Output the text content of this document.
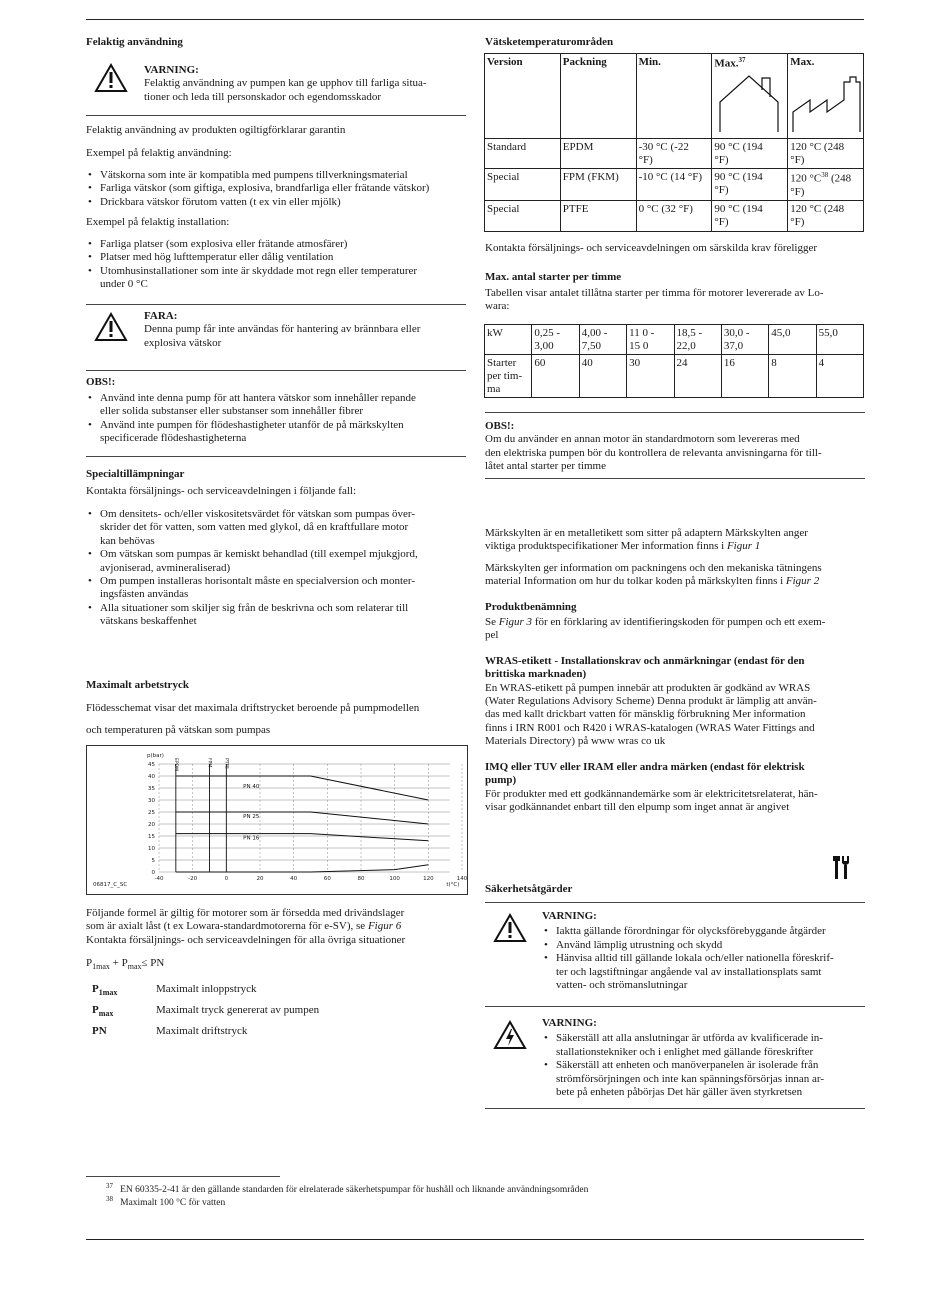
Felaktig användning
VARNING:
Felaktig användning av pumpen kan ge upphov till farliga situa-
tioner och leda till personskador och egendomsskador

Felaktig användning av produkten ogiltigförklarar garantin

Exempel på felaktig användning:

• Vätskorna som inte är kompatibla med pumpens tillverkningsmaterial
• Farliga vätskor (som giftiga, explosiva, brandfarliga eller frätande vätskor)
• Drickbara vätskor förutom vatten (t ex vin eller mjölk)

Exempel på felaktig installation:

• Farliga platser (som explosiva eller frätande atmosfärer)
• Platser med hög lufttemperatur eller dålig ventilation
• Utomhusinstallationer som inte är skyddade mot regn eller temperaturer
under 0 °C
FARA:
Denna pump får inte användas för hantering av brännbara eller
explosiva vätskor
OBS!:
• Använd inte denna pump för att hantera vätskor som innehåller repande
eller solida substanser eller substanser som innehåller fibrer
• Använd inte pumpen för flödeshastigheter utanför de på märkskylten
specificerade flödeshastigheterna
Specialtillämpningar

Kontakta försäljnings- och serviceavdelningen i följande fall:

• Om densitets- och/eller viskositetsvärdet för vätskan som pumpas över-
skrider det för vatten, som vatten med glykol, då en kraftfullare motor
kan behövas
• Om vätskan som pumpas är kemiskt behandlad (till exempel mjukgjord,
avjoniserad, avmineraliserad)
• Om pumpen installeras horisontalt måste en specialversion och monter-
ingsfästen användas
• Alla situationer som skiljer sig från de beskrivna och som relaterar till
vätskans beskaffenhet
Maximalt arbetstryck

Flödesschemat visar det maximala driftstrycket beroende på pumpmodellen

och temperaturen på vätskan som pumpas

0
5
10
15
20
25
30
35
40
45
-40	-20	0	20	40	60	80	100	120	140
p(bar)
t(°C)
06817_C_SC
EPDM	FPM	PTFE
PN 40
PN 25
PN 16

Följande formel är giltig för motorer som är försedda med drivändslager

som är axialt låst (t ex Lowara-standardmotorerna för e-SV), se Figur 6

Kontakta försäljnings- och serviceavdelningen för alla övriga situationer

$P_{1max} + P_{max}\le$ PN

$P_{1max}$	Maximalt inloppstryck
$P_{max}$	Maximalt tryck genererat av pumpen
PN	Maximalt driftstryck
Vätsketemperaturområden
Version	Packning	Min.	Max.$^{37}$	Max.

Standard	EPDM	-30 °C (-22
°F)	90 °C (194
°F)	120 °C (248
°F)
Special	FPM (FKM)	-10 °C (14 °F)	90 °C (194
°F)	120 $^\circ C^{38}$ (248
°F)
Special	PTFE	0 °C (32 °F)	90 °C (194
°F)	120 °C (248
°F)

Kontakta försäljnings- och serviceavdelningen om särskilda krav föreligger

Max. antal starter per timme

Tabellen visar antalet tillåtna starter per timma för motorer levererade av Lo-

wara:

kW	0,25 -
3,00	4,00 -
7,50	11 0 -
15 0	18,5 -
22,0	30,0 -
37,0	45,0	55,0
Starter
per tim-
ma	60	40	30	24	16	8	4
OBS!:

Om du använder en annan motor än standardmotorn som levereras med

den elektriska pumpen bör du kontrollera de relevanta anvisningarna för till-

låtet antal starter per timme

Märkskylten är en metalletikett som sitter på adaptern Märkskylten anger

viktiga produktspecifikationer Mer information finns i Figur 1

Märkskylten ger information om packningens och den mekaniska tätningens

material Information om hur du tolkar koden på märkskylten finns i Figur 2

Produktbenämning

Se Figur 3 för en förklaring av identifieringskoden för pumpen och ett exem-

pel

WRAS-etikett - Installationskrav och anmärkningar (endast för den
brittiska marknaden)

En WRAS-etikett på pumpen innebär att produkten är godkänd av WRAS

(Water Regulations Advisory Scheme) Denna produkt är lämplig att använ-

das med kallt drickbart vatten för mänsklig förbrukning Mer information

finns i IRN R001 och R420 i WRAS-katalogen (WRAS Water Fittings and

Materials Directory) på www wras co uk

IMQ eller TUV eller IRAM eller andra märken (endast för elektrisk
pump)

För produkter med ett godkännandemärke som är elektricitetsrelaterat, hän-

visar godkännandet enbart till den elpump som inget annat är angivet

Säkerhetsåtgärder
VARNING:
• Iaktta gällande förordningar för olycksförebyggande åtgärder
• Använd lämplig utrustning och skydd
• Hänvisa alltid till gällande lokala och/eller nationella föreskrif-
ter och lagstiftningar angående val av installationsplats samt
vatten- och strömanslutningar
VARNING:
• Säkerställ att alla anslutningar är utförda av kvalificerade in-
stallationstekniker och i enlighet med gällande föreskrifter
• Säkerställ att enheten och manöverpanelen är isolerade från
strömförsörjningen och inte kan spänningsförsörjas innan ar-
bete på enheten påbörjas Det här gäller även styrkretsen
$^{37}$ EN 60335-2-41 är den gällande standarden för elrelaterade säkerhetspumpar för hushåll och liknande användningsområden
$^{38}$ Maximalt 100 °C för vatten
